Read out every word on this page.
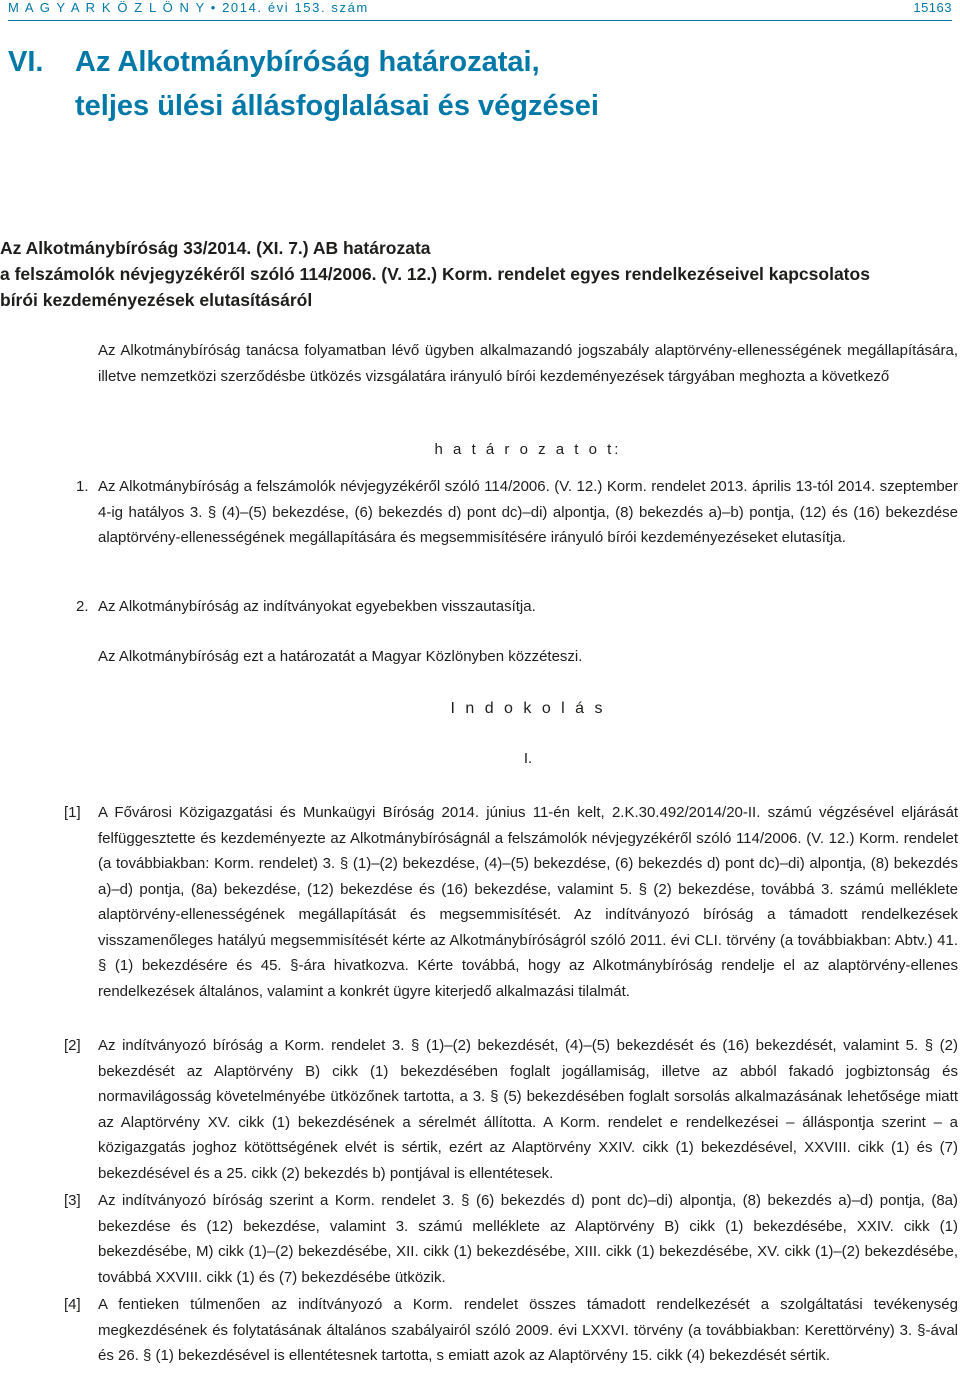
M A G Y A R K Ö Z L Ö N Y • 2014. évi 153. szám	15163
VI. Az Alkotmánybíróság határozatai,
teljes ülési állásfoglalásai és végzései
Az Alkotmánybíróság 33/2014. (XI. 7.) AB határozata
a felszámolók névjegyzékéről szóló 114/2006. (V. 12.) Korm. rendelet egyes rendelkezéseivel kapcsolatos
bírói kezdeményezések elutasításáról
Az Alkotmánybíróság tanácsa folyamatban lévő ügyben alkalmazandó jogszabály alaptörvény-ellenességének megállapítására, illetve nemzetközi szerződésbe ütközés vizsgálatára irányuló bírói kezdeményezések tárgyában meghozta a következő
h a t á r o z a t o t:
1. Az Alkotmánybíróság a felszámolók névjegyzékéről szóló 114/2006. (V. 12.) Korm. rendelet 2013. április 13-tól 2014. szeptember 4-ig hatályos 3. § (4)–(5) bekezdése, (6) bekezdés d) pont dc)–di) alpontja, (8) bekezdés a)–b) pontja, (12) és (16) bekezdése alaptörvény-ellenességének megállapítására és megsemmisítésére irányuló bírói kezdeményezéseket elutasítja.
2. Az Alkotmánybíróság az indítványokat egyebekben visszautasítja.
Az Alkotmánybíróság ezt a határozatát a Magyar Közlönyben közzéteszi.
I n d o k o l á s
I.
[1] A Fővárosi Közigazgatási és Munkaügyi Bíróság 2014. június 11-én kelt, 2.K.30.492/2014/20-II. számú végzésével eljárását felfüggesztette és kezdeményezte az Alkotmánybíróságnál a felszámolók névjegyzékéről szóló 114/2006. (V. 12.) Korm. rendelet (a továbbiakban: Korm. rendelet) 3. § (1)–(2) bekezdése, (4)–(5) bekezdése, (6) bekezdés d) pont dc)–di) alpontja, (8) bekezdés a)–d) pontja, (8a) bekezdése, (12) bekezdése és (16) bekezdése, valamint 5. § (2) bekezdése, továbbá 3. számú melléklete alaptörvény-ellenességének megállapítását és megsemmisítését. Az indítványozó bíróság a támadott rendelkezések visszamenőleges hatályú megsemmisítését kérte az Alkotmánybíróságról szóló 2011. évi CLI. törvény (a továbbiakban: Abtv.) 41. § (1) bekezdésére és 45. §-ára hivatkozva. Kérte továbbá, hogy az Alkotmánybíróság rendelje el az alaptörvény-ellenes rendelkezések általános, valamint a konkrét ügyre kiterjedő alkalmazási tilalmát.
[2] Az indítványozó bíróság a Korm. rendelet 3. § (1)–(2) bekezdését, (4)–(5) bekezdését és (16) bekezdését, valamint 5. § (2) bekezdését az Alaptörvény B) cikk (1) bekezdésében foglalt jogállamiság, illetve az abból fakadó jogbiztonság és normavilágosság követelményébe ütközőnek tartotta, a 3. § (5) bekezdésében foglalt sorsolás alkalmazásának lehetősége miatt az Alaptörvény XV. cikk (1) bekezdésének a sérelmét állította. A Korm. rendelet e rendelkezései – álláspontja szerint – a közigazgatás joghoz kötöttségének elvét is sértik, ezért az Alaptörvény XXIV. cikk (1) bekezdésével, XXVIII. cikk (1) és (7) bekezdésével és a 25. cikk (2) bekezdés b) pontjával is ellentétesek.
[3] Az indítványozó bíróság szerint a Korm. rendelet 3. § (6) bekezdés d) pont dc)–di) alpontja, (8) bekezdés a)–d) pontja, (8a) bekezdése és (12) bekezdése, valamint 3. számú melléklete az Alaptörvény B) cikk (1) bekezdésébe, XXIV. cikk (1) bekezdésébe, M) cikk (1)–(2) bekezdésébe, XII. cikk (1) bekezdésébe, XIII. cikk (1) bekezdésébe, XV. cikk (1)–(2) bekezdésébe, továbbá XXVIII. cikk (1) és (7) bekezdésébe ütközik.
[4] A fentieken túlmenően az indítványozó a Korm. rendelet összes támadott rendelkezését a szolgáltatási tevékenység megkezdésének és folytatásának általános szabályairól szóló 2009. évi LXXVI. törvény (a továbbiakban: Kerettörvény) 3. §-ával és 26. § (1) bekezdésével is ellentétesnek tartotta, s emiatt azok az Alaptörvény 15. cikk (4) bekezdését sértik.
